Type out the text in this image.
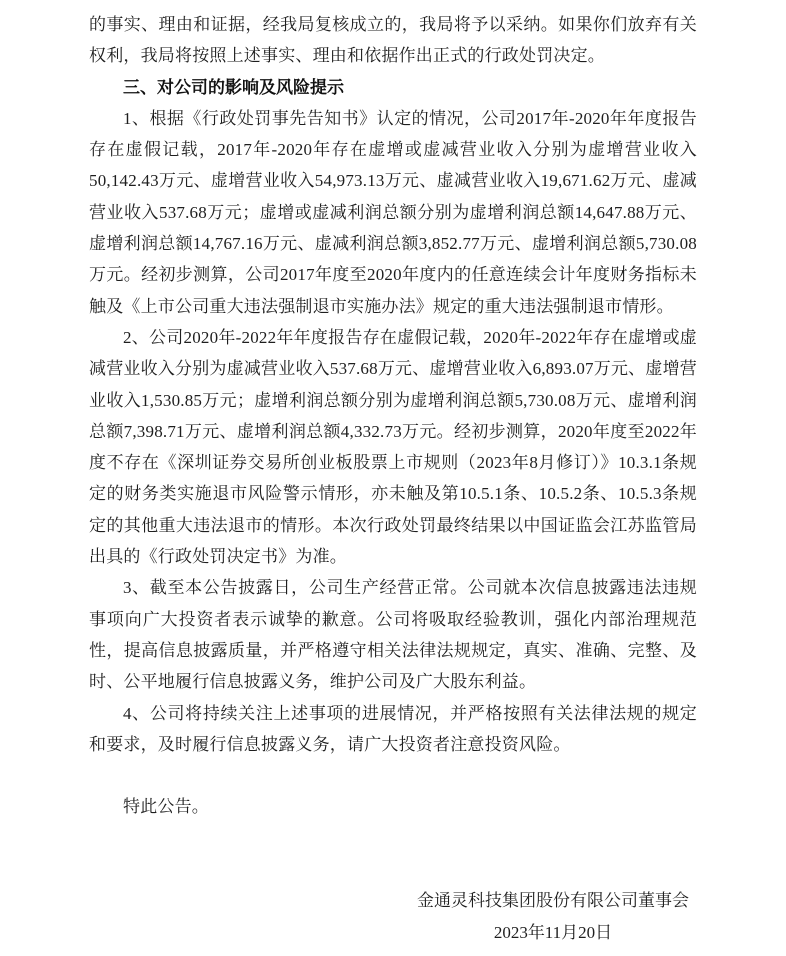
的事实、理由和证据，经我局复核成立的，我局将予以采纳。如果你们放弃有关权利，我局将按照上述事实、理由和依据作出正式的行政处罚决定。

三、对公司的影响及风险提示

1、根据《行政处罚事先告知书》认定的情况，公司2017年-2020年年度报告存在虚假记载，2017年-2020年存在虚增或虚减营业收入分别为虚增营业收入50,142.43万元、虚增营业收入54,973.13万元、虚减营业收入19,671.62万元、虚减营业收入537.68万元；虚增或虚减利润总额分别为虚增利润总额14,647.88万元、虚增利润总额14,767.16万元、虚减利润总额3,852.77万元、虚增利润总额5,730.08万元。经初步测算，公司2017年度至2020年度内的任意连续会计年度财务指标未触及《上市公司重大违法强制退市实施办法》规定的重大违法强制退市情形。

2、公司2020年-2022年年度报告存在虚假记载，2020年-2022年存在虚增或虚减营业收入分别为虚减营业收入537.68万元、虚增营业收入6,893.07万元、虚增营业收入1,530.85万元；虚增利润总额分别为虚增利润总额5,730.08万元、虚增利润总额7,398.71万元、虚增利润总额4,332.73万元。经初步测算，2020年度至2022年度不存在《深圳证券交易所创业板股票上市规则（2023年8月修订）》10.3.1条规定的财务类实施退市风险警示情形，亦未触及第10.5.1条、10.5.2条、10.5.3条规定的其他重大违法退市的情形。本次行政处罚最终结果以中国证监会江苏监管局出具的《行政处罚决定书》为准。

3、截至本公告披露日，公司生产经营正常。公司就本次信息披露违法违规事项向广大投资者表示诚挚的歉意。公司将吸取经验教训，强化内部治理规范性，提高信息披露质量，并严格遵守相关法律法规规定，真实、准确、完整、及时、公平地履行信息披露义务，维护公司及广大股东利益。

4、公司将持续关注上述事项的进展情况，并严格按照有关法律法规的规定和要求，及时履行信息披露义务，请广大投资者注意投资风险。

特此公告。

金通灵科技集团股份有限公司董事会
2023年11月20日
